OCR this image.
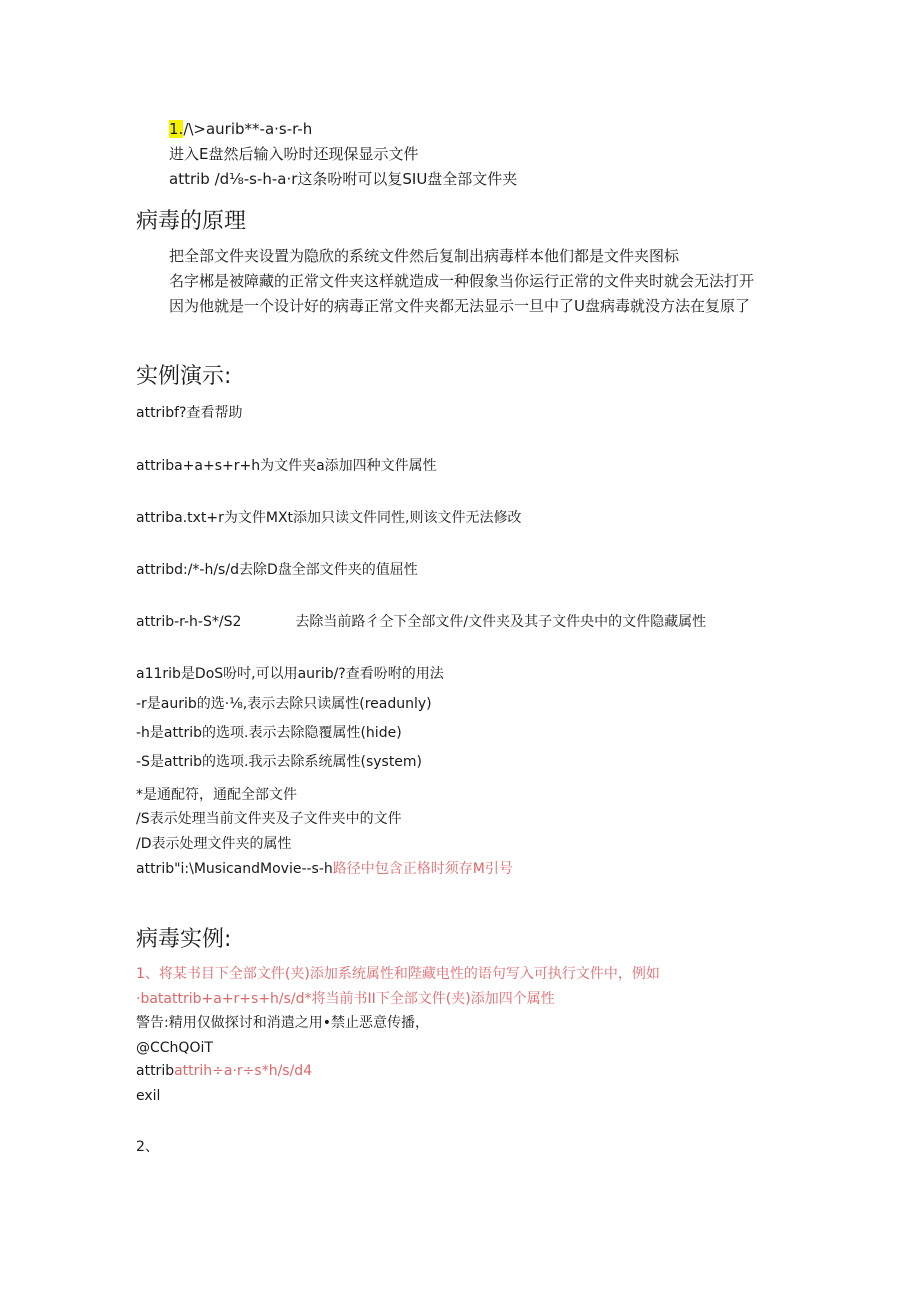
1./\>aurib**-a·s-r-h
进入E盘然后输入吩时还现保显示文件
attrib /d⅛-s-h-a·r这条吩咐可以复SIU盘全部文件夹
病毒的原理
把全部文件夹设置为隐欣的系统文件然后复制出病毒样本他们都是文件夹图标
名字郴是被障藏的正常文件夹这样就造成一种假象当你运行正常的文件夹时就会无法打开
因为他就是一个设计好的病毒正常文件夹都无法显示一旦中了U盘病毒就没方法在复原了
实例演示:
attribf?查看帮助
attriba+a+s+r+h为文件夹a添加四种文件属性
attriba.txt+r为文件MXt添加只读文件同性,则该文件无法修改
attribd:/*-h/s/d去除D盘全部文件夹的值屈性
attrib-r-h-S*/S2	去除当前路彳仝下全部文件/文件夹及其子文件央中的文件隐藏属性
a11rib是DoS吩吋,可以用aurib/?查看吩咐的用法
-r是aurib的选·⅛,表示去除只读属性(readunly)
-h是attrib的选项.表示去除隐覆属性(hide)
-S是attrib的选项.我示去除系统属性(system)
*是通配符，通配全部文件
/S表示处理当前文件夹及子文件夹中的文件
/D表示处理文件夹的属性
attrib"i:\MusicandMovie--s-h路径中包含正格时须存M引号
病毒实例:
1、将某书目下全部文件(夹)添加系统属性和陛藏电性的语句写入可执行文件中，例如
·batattrib+a+r+s+h/s/d*将当前书II下全部文件(夹)添加四个属性
警告:精用仅做探讨和消遣之用•禁止恶意传播，
@CChQOiT
attribattrih÷a·r÷s*h/s/d4
exil
2、
